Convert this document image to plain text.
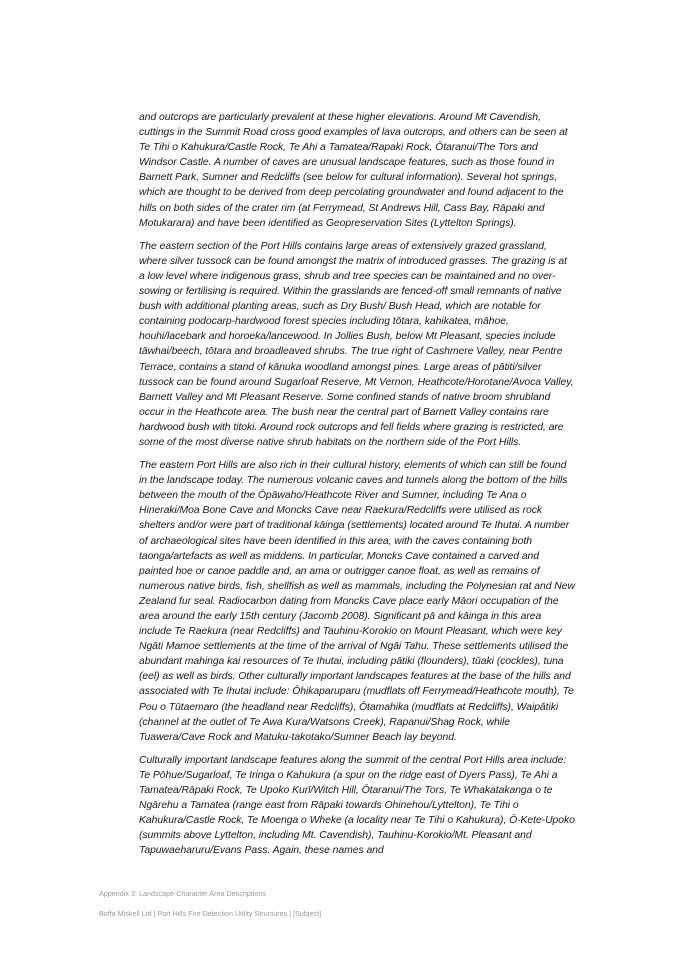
and outcrops are particularly prevalent at these higher elevations. Around Mt Cavendish, cuttings in the Summit Road cross good examples of lava outcrops, and others can be seen at Te Tihi o Kahukura/Castle Rock, Te Ahi a Tamatea/Rapaki Rock, Ōtaranui/The Tors and Windsor Castle. A number of caves are unusual landscape features, such as those found in Barnett Park, Sumner and Redcliffs (see below for cultural information). Several hot springs, which are thought to be derived from deep percolating groundwater and found adjacent to the hills on both sides of the crater rim (at Ferrymead, St Andrews Hill, Cass Bay, Rāpaki and Motukarara) and have been identified as Geopreservation Sites (Lyttelton Springs).

The eastern section of the Port Hills contains large areas of extensively grazed grassland, where silver tussock can be found amongst the matrix of introduced grasses. The grazing is at a low level where indigenous grass, shrub and tree species can be maintained and no over-sowing or fertilising is required. Within the grasslands are fenced-off small remnants of native bush with additional planting areas, such as Dry Bush/ Bush Head, which are notable for containing podocarp-hardwood forest species including tōtara, kahikatea, māhoe, houhi/lacebark and horoeka/lancewood. In Jollies Bush, below Mt Pleasant, species include tāwhai/beech, tōtara and broadleaved shrubs. The true right of Cashmere Valley, near Pentre Terrace, contains a stand of kānuka woodland amongst pines. Large areas of pātiti/silver tussock can be found around Sugarloaf Reserve, Mt Vernon, Heathcote/Horotane/Avoca Valley, Barnett Valley and Mt Pleasant Reserve. Some confined stands of native broom shrubland occur in the Heathcote area. The bush near the central part of Barnett Valley contains rare hardwood bush with titoki. Around rock outcrops and fell fields where grazing is restricted, are some of the most diverse native shrub habitats on the northern side of the Port Hills.

The eastern Port Hills are also rich in their cultural history, elements of which can still be found in the landscape today. The numerous volcanic caves and tunnels along the bottom of the hills between the mouth of the Ōpāwaho/Heathcote River and Sumner, including Te Ana o Hineraki/Moa Bone Cave and Moncks Cave near Raekura/Redcliffs were utilised as rock shelters and/or were part of traditional kāinga (settlements) located around Te Ihutai. A number of archaeological sites have been identified in this area, with the caves containing both taonga/artefacts as well as middens. In particular, Moncks Cave contained a carved and painted hoe or canoe paddle and, an ama or outrigger canoe float, as well as remains of numerous native birds, fish, shellfish as well as mammals, including the Polynesian rat and New Zealand fur seal. Radiocarbon dating from Moncks Cave place early Māori occupation of the area around the early 15th century (Jacomb 2008). Significant pā and kāinga in this area include Te Raekura (near Redcliffs) and Tauhinu-Korokio on Mount Pleasant, which were key Ngāti Mamoe settlements at the time of the arrival of Ngāi Tahu. These settlements utilised the abundant mahinga kai resources of Te Ihutai, including pātiki (flounders), tūaki (cockles), tuna (eel) as well as birds. Other culturally important landscapes features at the base of the hills and associated with Te Ihutai include: Ōhikaparuparu (mudflats off Ferrymead/Heathcote mouth), Te Pou o Tūtaemaro (the headland near Redcliffs), Ōtamahika (mudflats at Redcliffs), Waipātiki (channel at the outlet of Te Awa Kura/Watsons Creek), Rapanui/Shag Rock, while Tuawera/Cave Rock and Matuku-takotako/Sumner Beach lay beyond.

Culturally important landscape features along the summit of the central Port Hills area include: Te Pōhue/Sugarloaf, Te Iringa o Kahukura (a spur on the ridge east of Dyers Pass), Te Ahi a Tamatea/Rāpaki Rock, Te Upoko Kurī/Witch Hill, Ōtaranui/The Tors, Te Whakatakanga o te Ngārehu a Tamatea (range east from Rāpaki towards Ohinehou/Lyttelton), Te Tihi o Kahukura/Castle Rock, Te Moenga o Wheke (a locality near Te Tihi o Kahukura), Ō-Kete-Upoko (summits above Lyttelton, including Mt. Cavendish), Tauhinu-Korokio/Mt. Pleasant and Tapuwaeharuru/Evans Pass. Again, these names and

Appendix 3: Landscape Character Area Descriptions
Boffa Miskell Ltd | Port Hills Fire Detection Utility Structures | [Subject]
